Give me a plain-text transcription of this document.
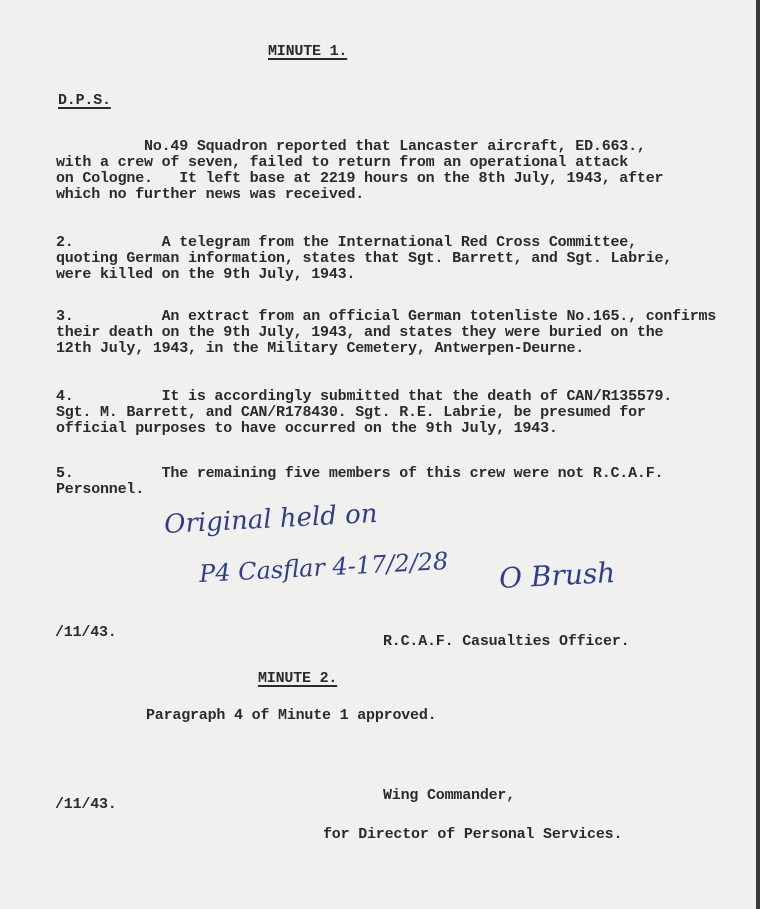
MINUTE 1.
D.P.S.
No.49 Squadron reported that Lancaster aircraft, ED.663.,
with a crew of seven, failed to return from an operational attack
on Cologne.   It left base at 2219 hours on the 8th July, 1943, after
which no further news was received.
2.          A telegram from the International Red Cross Committee,
quoting German information, states that Sgt. Barrett, and Sgt. Labrie,
were killed on the 9th July, 1943.
3.          An extract from an official German totenliste No.165., confirms
their death on the 9th July, 1943, and states they were buried on the
12th July, 1943, in the Military Cemetery, Antwerpen-Deurne.
4.          It is accordingly submitted that the death of CAN/R135579.
Sgt. M. Barrett, and CAN/R178430. Sgt. R.E. Labrie, be presumed for
official purposes to have occurred on the 9th July, 1943.
5.          The remaining five members of this crew were not R.C.A.F.
Personnel.
Original held on
P4 Casflar 4-17/2/28 O Brush
/11/43.
R.C.A.F. Casualties Officer.
MINUTE 2.
Paragraph 4 of Minute 1 approved.
/11/43.
Wing Commander,
for Director of Personal Services.
